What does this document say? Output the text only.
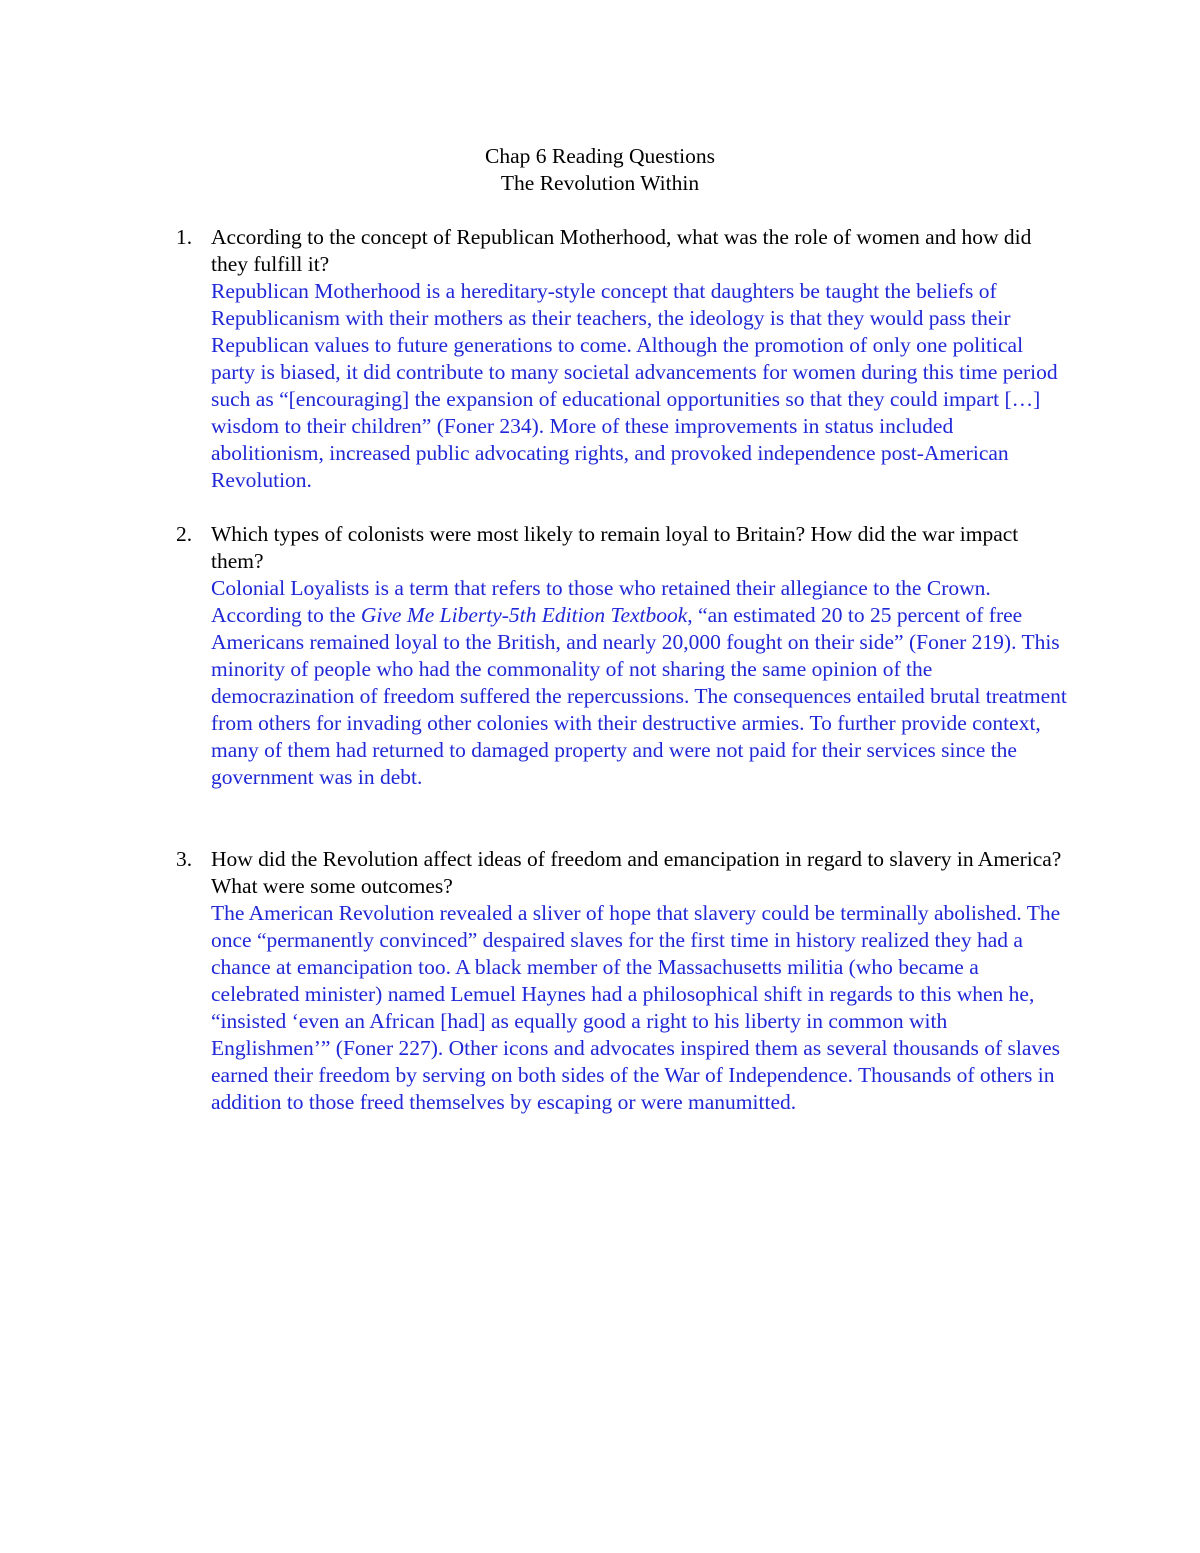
Chap 6 Reading Questions
The Revolution Within
1. According to the concept of Republican Motherhood, what was the role of women and how did they fulfill it?
Republican Motherhood is a hereditary-style concept that daughters be taught the beliefs of Republicanism with their mothers as their teachers, the ideology is that they would pass their Republican values to future generations to come. Although the promotion of only one political party is biased, it did contribute to many societal advancements for women during this time period such as “[encouraging] the expansion of educational opportunities so that they could impart […] wisdom to their children” (Foner 234). More of these improvements in status included abolitionism, increased public advocating rights, and provoked independence post-American Revolution.
2. Which types of colonists were most likely to remain loyal to Britain? How did the war impact them?
Colonial Loyalists is a term that refers to those who retained their allegiance to the Crown. According to the Give Me Liberty-5th Edition Textbook, “an estimated 20 to 25 percent of free Americans remained loyal to the British, and nearly 20,000 fought on their side” (Foner 219). This minority of people who had the commonality of not sharing the same opinion of the democrazination of freedom suffered the repercussions. The consequences entailed brutal treatment from others for invading other colonies with their destructive armies. To further provide context, many of them had returned to damaged property and were not paid for their services since the government was in debt.
3. How did the Revolution affect ideas of freedom and emancipation in regard to slavery in America? What were some outcomes?
The American Revolution revealed a sliver of hope that slavery could be terminally abolished. The once “permanently convinced” despaired slaves for the first time in history realized they had a chance at emancipation too. A black member of the Massachusetts militia (who became a celebrated minister) named Lemuel Haynes had a philosophical shift in regards to this when he, “insisted ‘even an African [had] as equally good a right to his liberty in common with Englishmen’” (Foner 227). Other icons and advocates inspired them as several thousands of slaves earned their freedom by serving on both sides of the War of Independence. Thousands of others in addition to those freed themselves by escaping or were manumitted.
